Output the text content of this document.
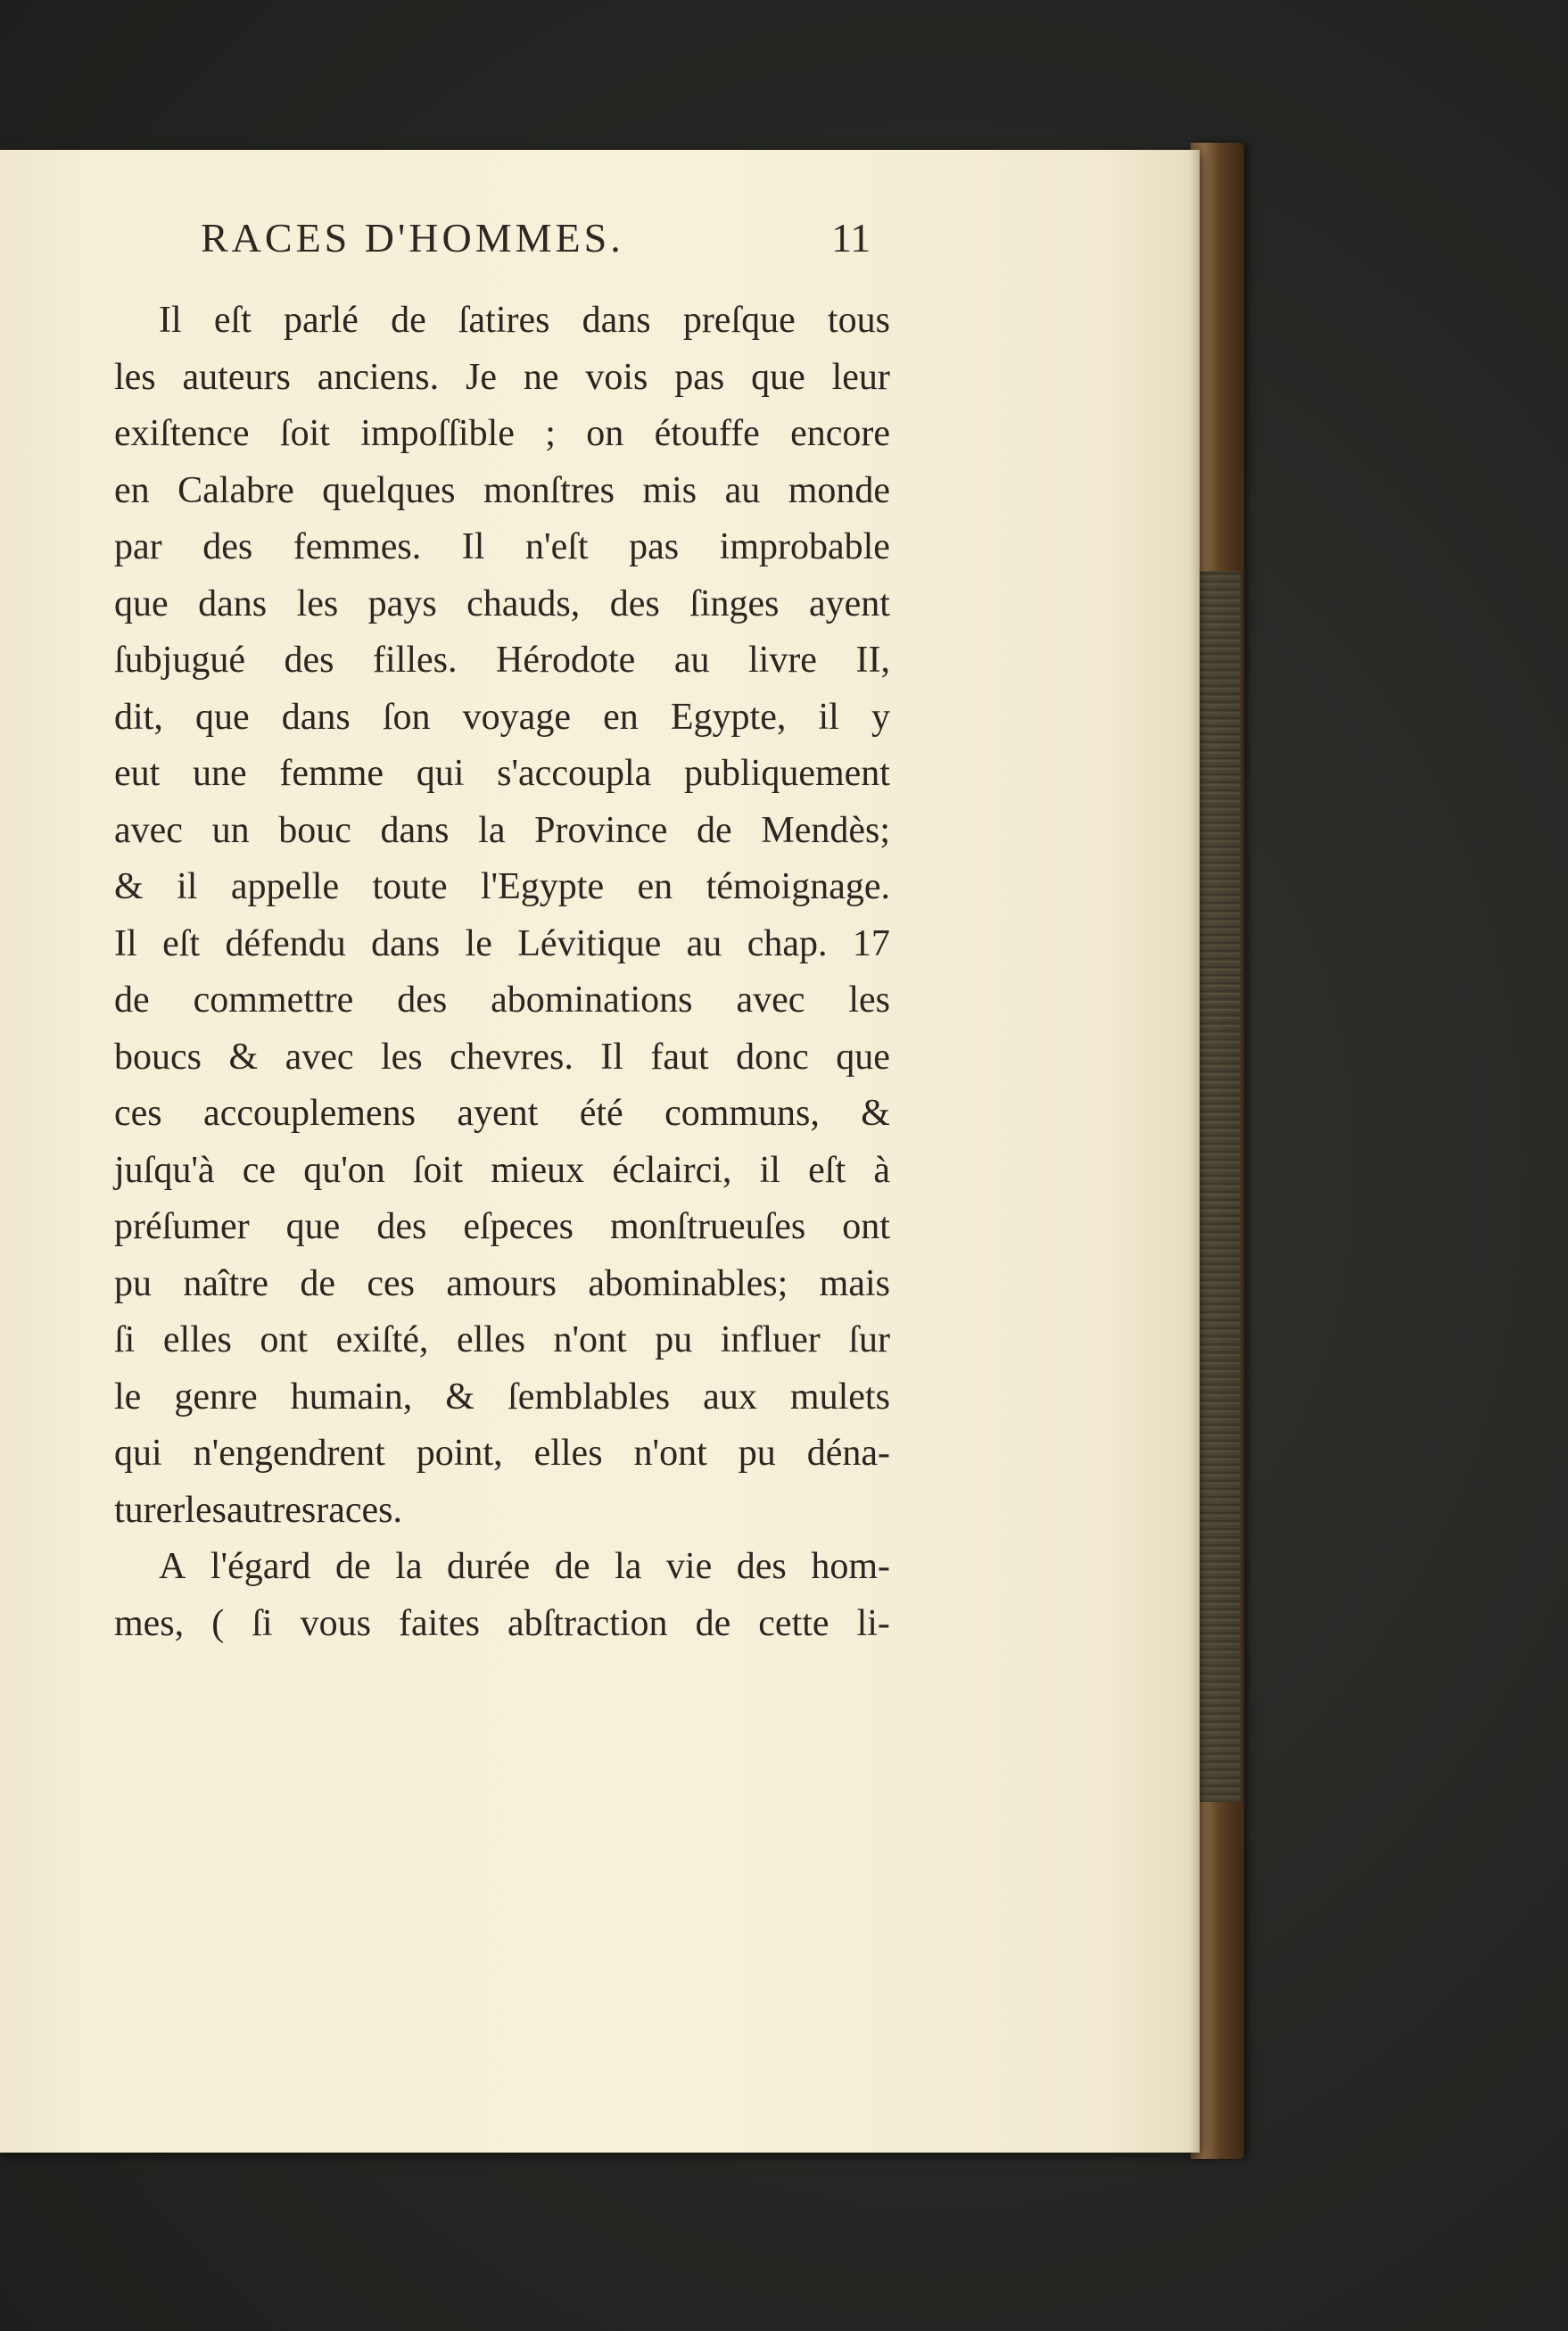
RACES D'HOMMES.	11
Il eſt parlé de ſatires dans preſque tous
les auteurs anciens. Je ne vois pas que leur
exiſtence ſoit impoſſible ; on étouffe encore
en Calabre quelques monſtres mis au monde
par des femmes. Il n'eſt pas improbable
que dans les pays chauds, des ſinges ayent
ſubjugué des filles. Hérodote au livre II,
dit, que dans ſon voyage en Egypte, il y
eut une femme qui s'accoupla publiquement
avec un bouc dans la Province de Mendès;
& il appelle toute l'Egypte en témoignage.
Il eſt défendu dans le Lévitique au chap. 17
de commettre des abominations avec les
boucs & avec les chevres. Il faut donc que
ces accouplemens ayent été communs, &
juſqu'à ce qu'on ſoit mieux éclairci, il eſt à
préſumer que des eſpeces monſtrueuſes ont
pu naître de ces amours abominables; mais
ſi elles ont exiſté, elles n'ont pu influer ſur
le genre humain, & ſemblables aux mulets
qui n'engendrent point, elles n'ont pu déna-
turer les autres races.
A l'égard de la durée de la vie des hom-
mes, ( ſi vous faites abſtraction de cette li-
